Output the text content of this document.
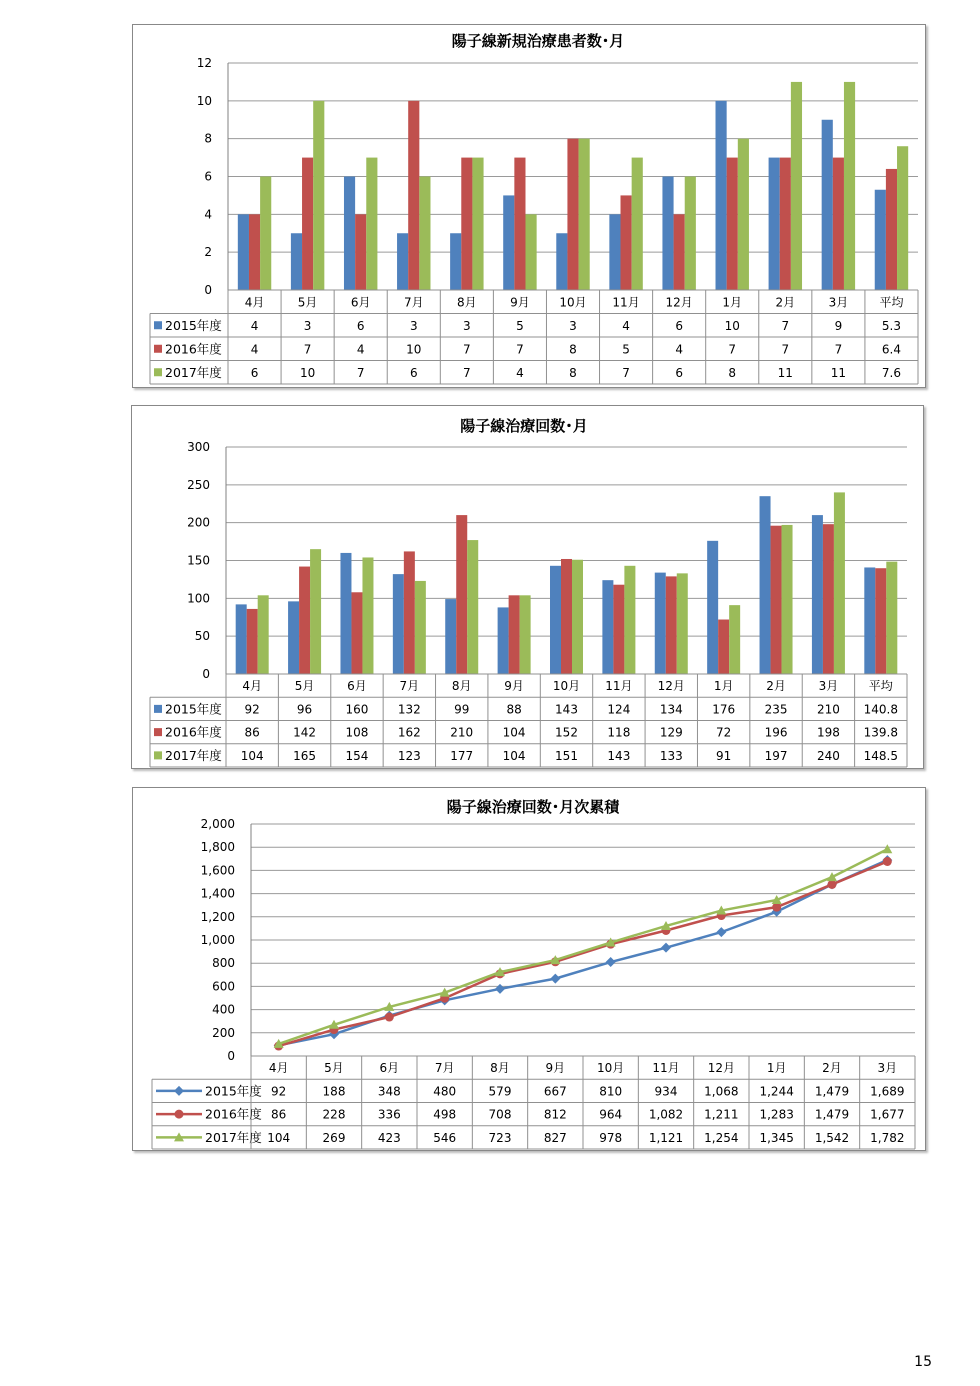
陽子線新規治療患者数･月
0
2
4
6
8
10
12
4月	5月	6月	7月	8月	9月 10月 11月 12月 1月	2月	3月	平均
2015年度 4	3	6	3	3	5	3	4	6	10	7	9	5.3
2016年度 4	7	4	10	7	7	8	5	4	7	7	7	6.4
2017年度 6	10	7	6	7	4	8	7	6	8	11	11	7.6
陽子線治療回数･月
0
50
100
150
200
250
300
4月	5月	6月	7月	8月	9月 10月 11月 12月 1月	2月	3月	平均
2015年度 92	96	160 132	99	88	143 124 134 176 235 210 140.8
2016年度 86	142 108 162 210 104 152 118 129	72	196 198 139.8
2017年度 104 165 154 123 177 104 151 143 133	91	197 240 148.5
陽子線治療回数･月次累積
0
200
400
600
800
1,000
1,200
1,400
1,600
1,800
2,000
4月	5月	6月	7月	8月	9月	10月 11月 12月	1月	2月	3月
2015年度 92	188	348	480	579	667	810	934 1,068 1,244 1,479 1,689
2016年度 86	228	336	498	708	812	964 1,082 1,211 1,283 1,479 1,677
2017年度 104	269	423	546	723	827	978 1,121 1,254 1,345 1,542 1,782
15
